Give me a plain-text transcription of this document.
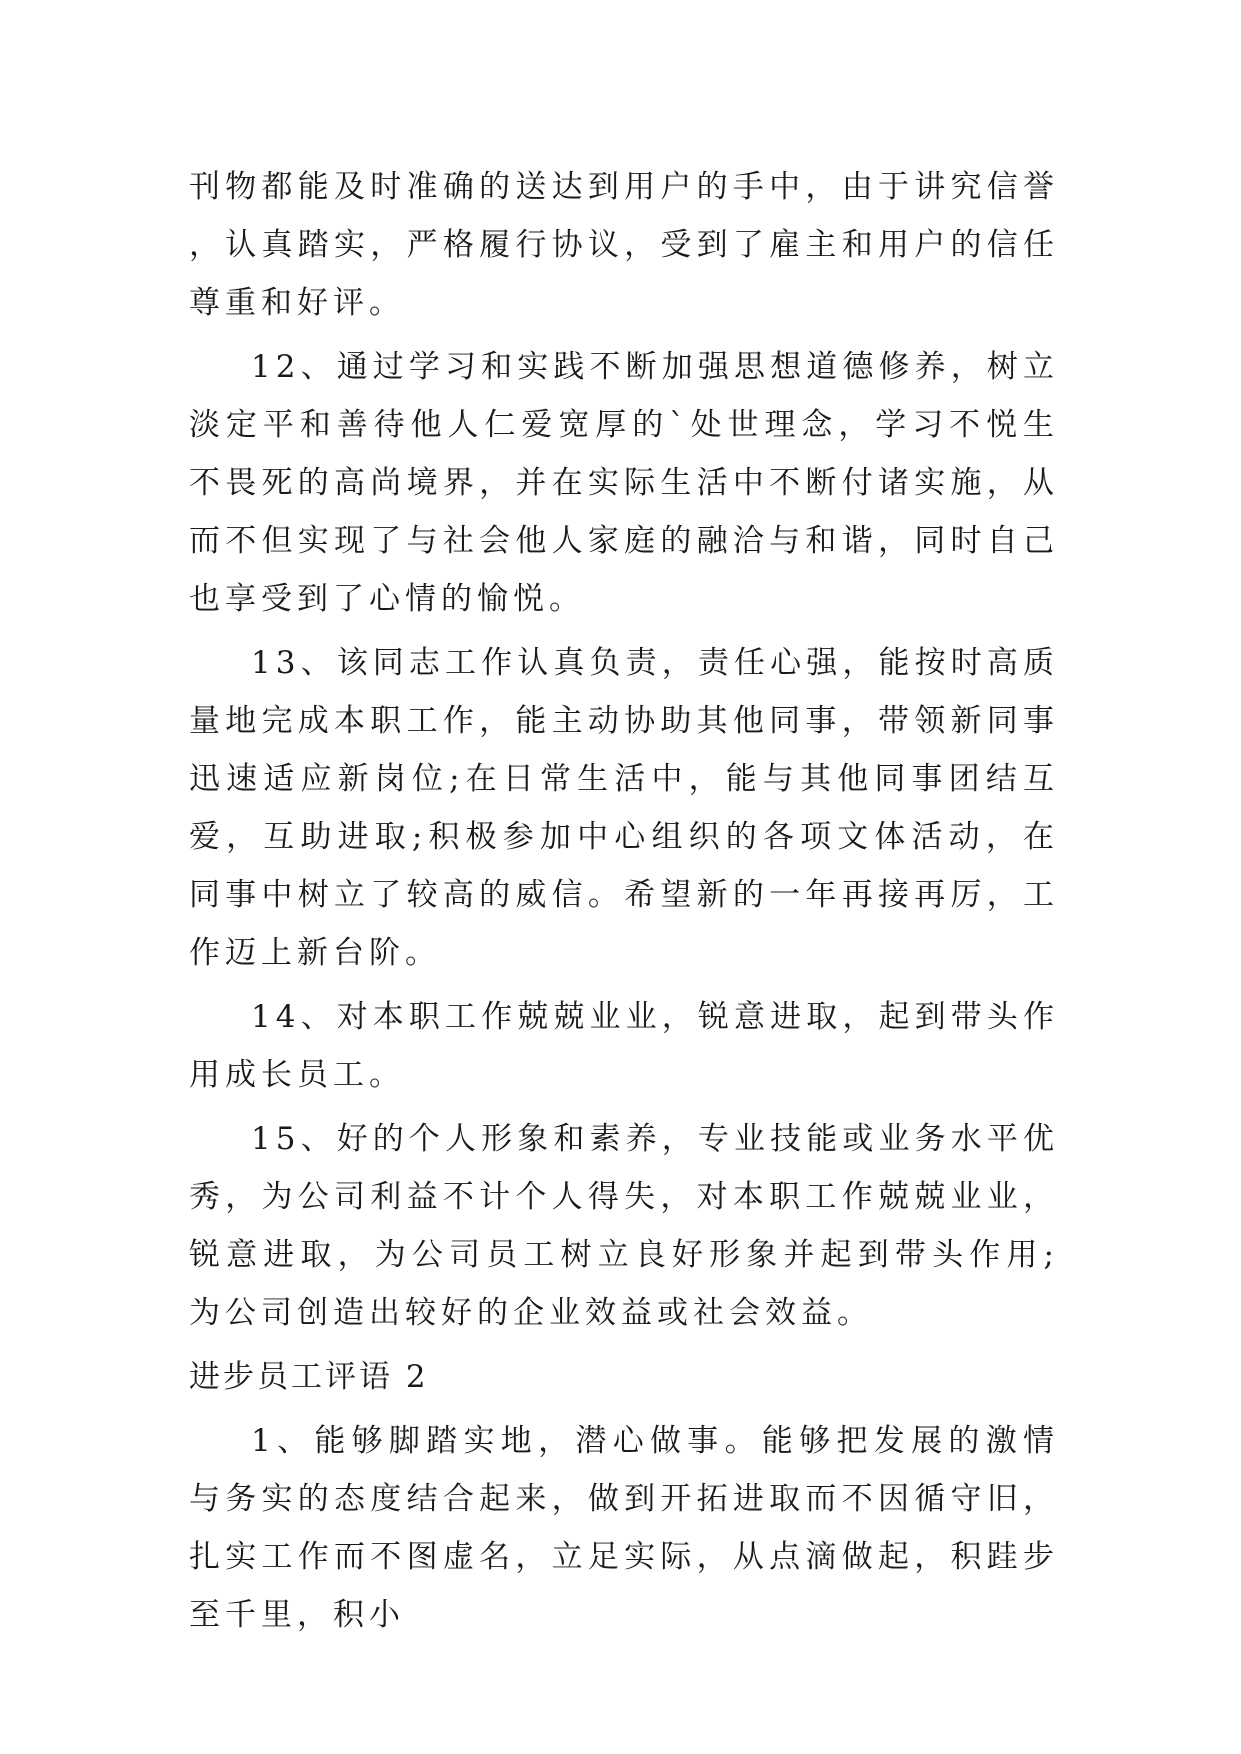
刊物都能及时准确的送达到用户的手中，由于讲究信誉，认真踏实，严格履行协议，受到了雇主和用户的信任尊重和好评。

12、通过学习和实践不断加强思想道德修养，树立淡定平和善待他人仁爱宽厚的`处世理念，学习不悦生不畏死的高尚境界，并在实际生活中不断付诸实施，从而不但实现了与社会他人家庭的融洽与和谐，同时自己也享受到了心情的愉悦。

13、该同志工作认真负责，责任心强，能按时高质量地完成本职工作，能主动协助其他同事，带领新同事迅速适应新岗位;在日常生活中，能与其他同事团结互爱，互助进取;积极参加中心组织的各项文体活动，在同事中树立了较高的威信。希望新的一年再接再厉，工作迈上新台阶。

14、对本职工作兢兢业业，锐意进取，起到带头作用成长员工。

15、好的个人形象和素养，专业技能或业务水平优秀，为公司利益不计个人得失，对本职工作兢兢业业，锐意进取，为公司员工树立良好形象并起到带头作用;为公司创造出较好的企业效益或社会效益。

进步员工评语 2

1、能够脚踏实地，潜心做事。能够把发展的激情与务实的态度结合起来，做到开拓进取而不因循守旧，扎实工作而不图虚名，立足实际，从点滴做起，积跬步至千里，积小
